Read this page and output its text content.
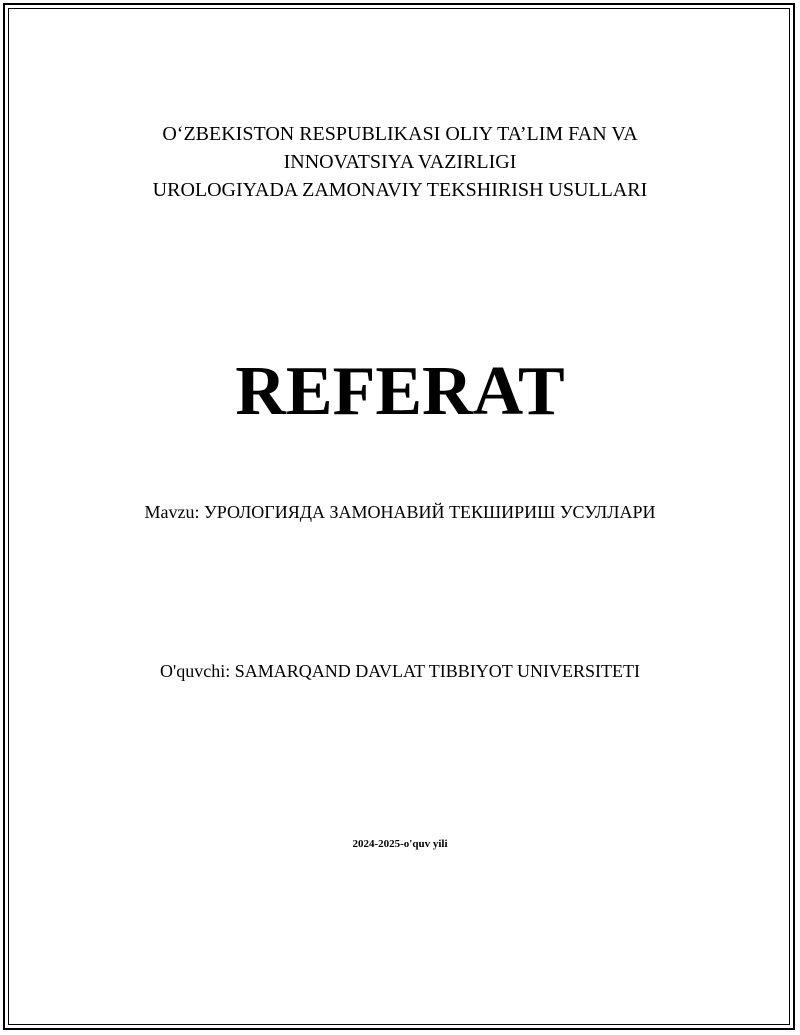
O‘ZBEKISTON RESPUBLIKASI OLIY TA’LIM FAN VA
INNOVATSIYA VAZIRLIGI
UROLOGIYADA ZAMONAVIY TEKSHIRISH USULLARI
REFERAT
Mavzu: УРОЛОГИЯДА ЗАМОНАВИЙ ТЕКШИРИШ УСУЛЛАРИ
O'quvchi: SAMARQAND DAVLAT TIBBIYOT UNIVERSITETI
2024-2025-o'quv yili
